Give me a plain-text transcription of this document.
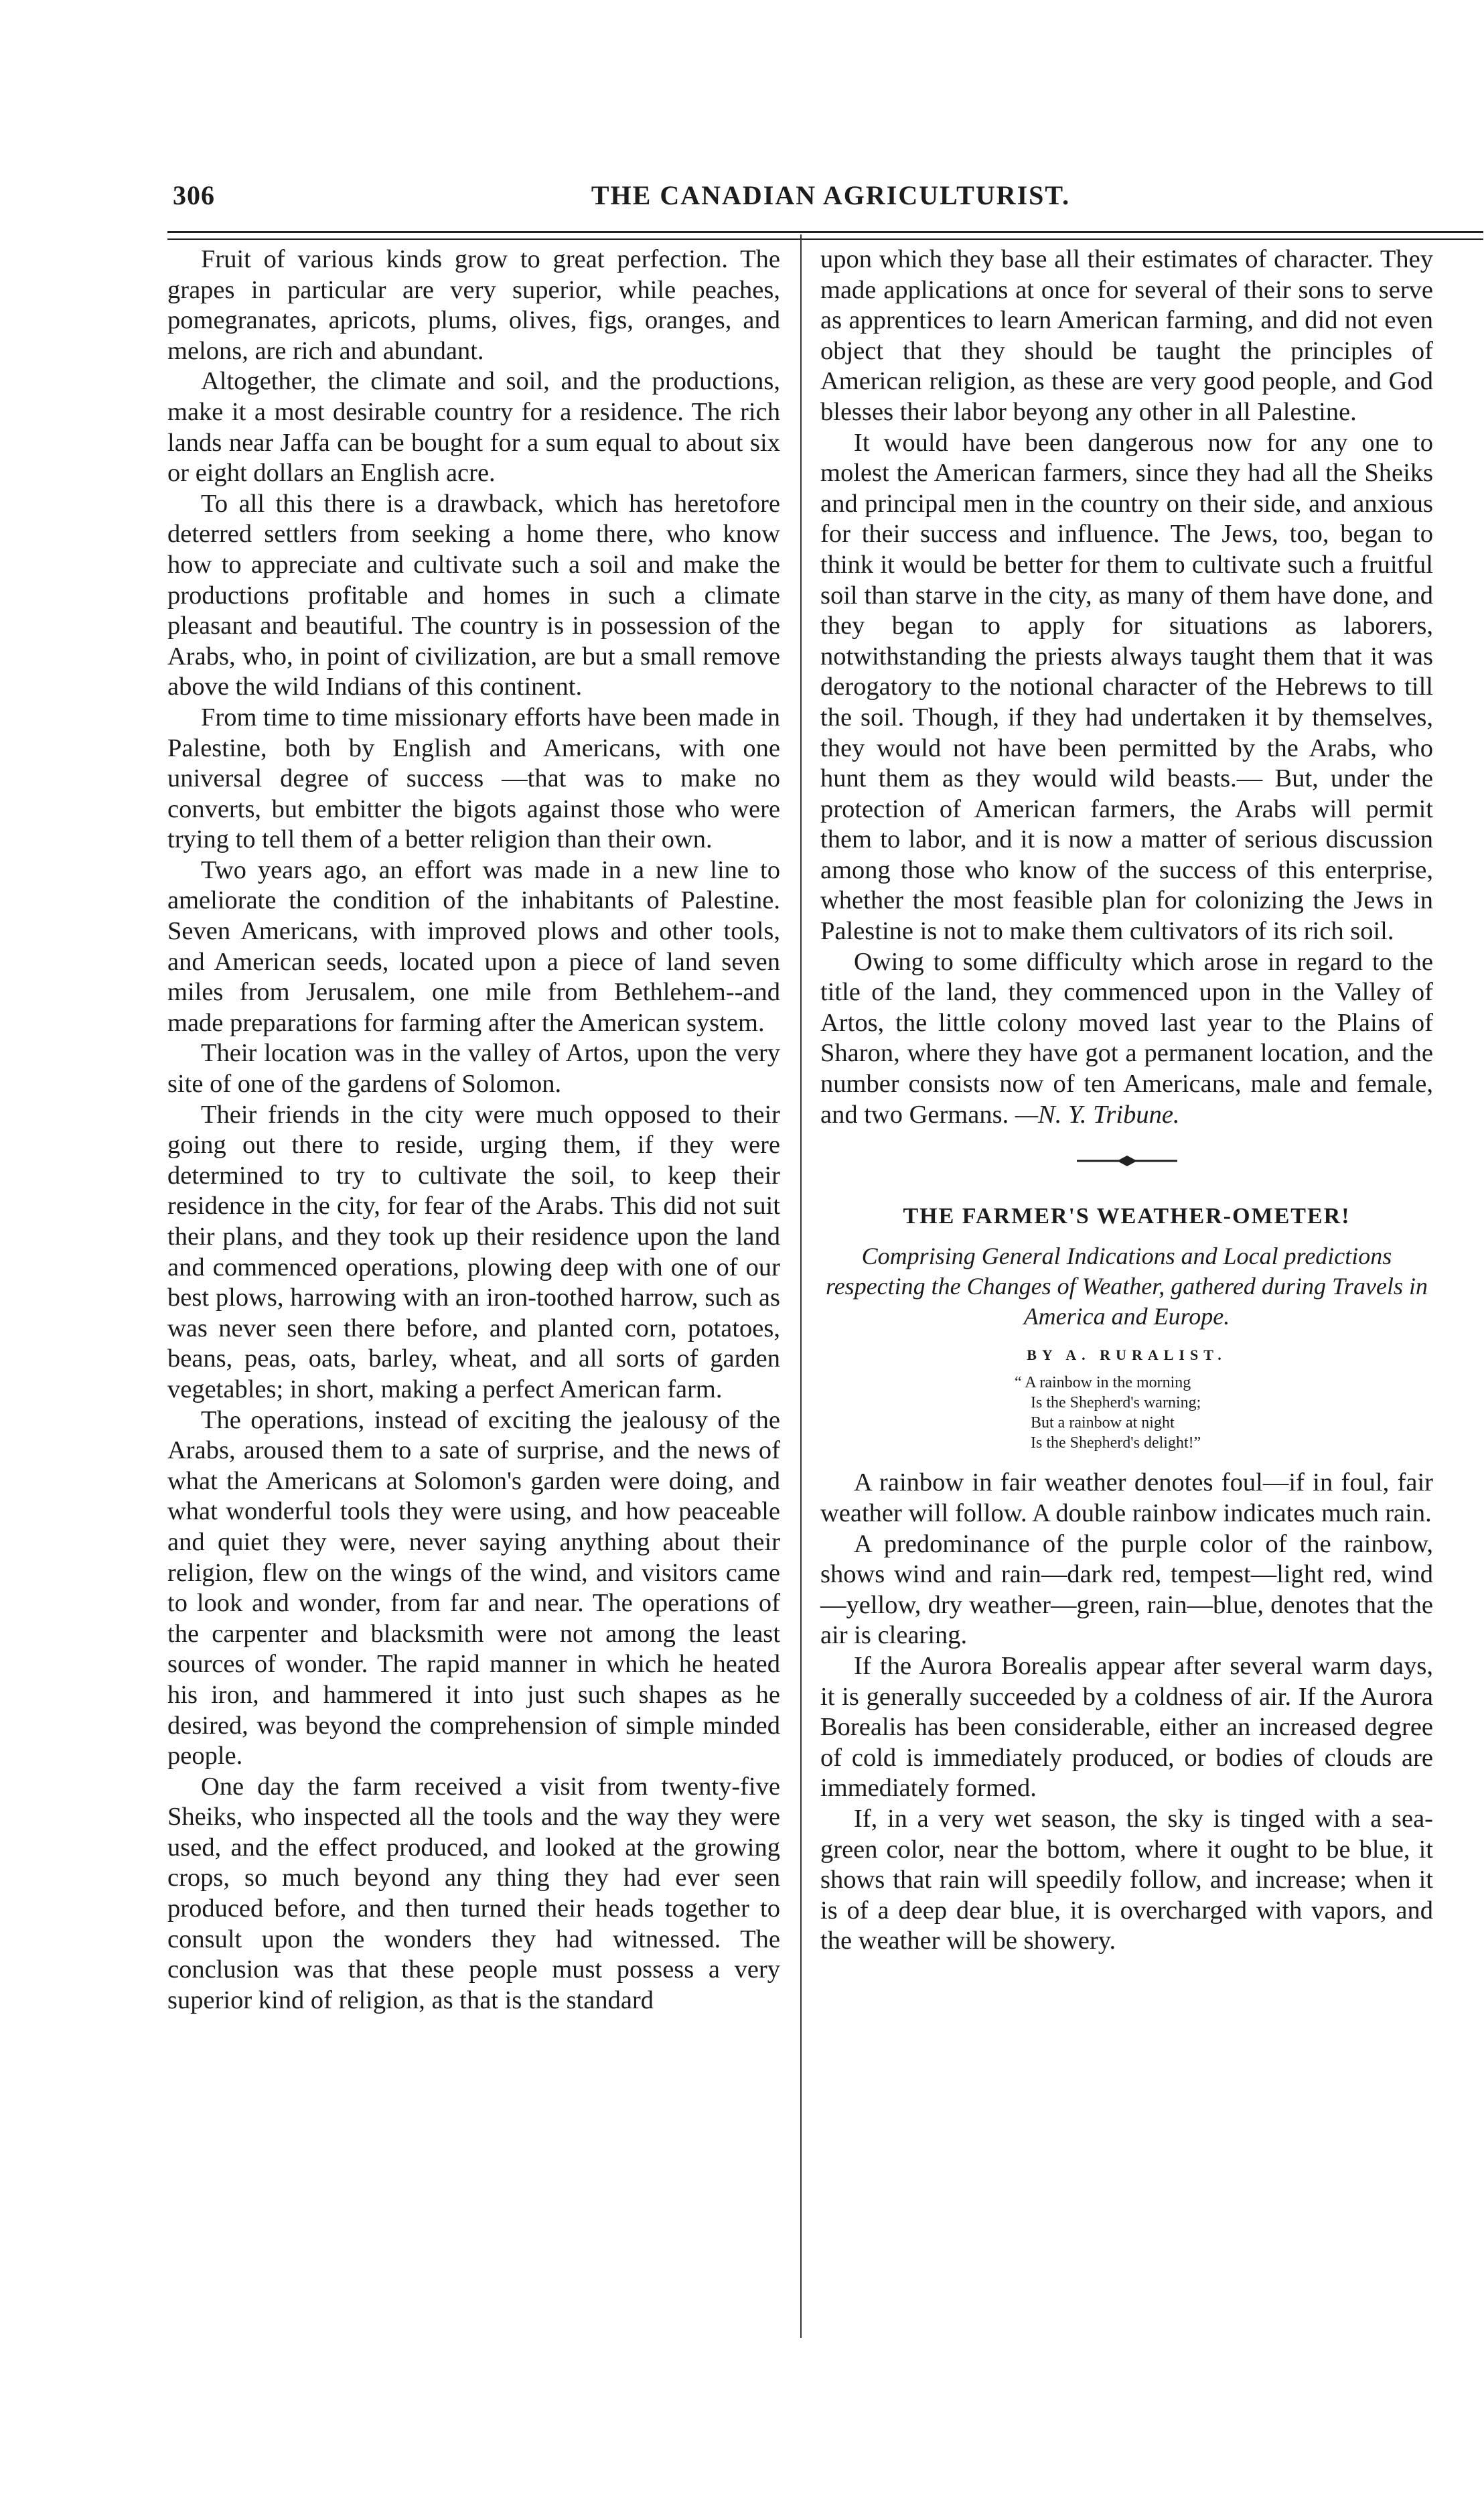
306	THE CANADIAN AGRICULTURIST.

Fruit of various kinds grow to great perfection. The grapes in particular are very superior, while peaches, pomegranates, apricots, plums, olives, figs, oranges, and melons, are rich and abundant.

Altogether, the climate and soil, and the productions, make it a most desirable country for a residence. The rich lands near Jaffa can be bought for a sum equal to about six or eight dollars an English acre.

To all this there is a drawback, which has heretofore deterred settlers from seeking a home there, who know how to appreciate and cultivate such a soil and make the productions profitable and homes in such a climate pleasant and beautiful. The country is in possession of the Arabs, who, in point of civilization, are but a small remove above the wild Indians of this continent.

From time to time missionary efforts have been made in Palestine, both by English and Americans, with one universal degree of success —that was to make no converts, but embitter the bigots against those who were trying to tell them of a better religion than their own.

Two years ago, an effort was made in a new line to ameliorate the condition of the inhabitants of Palestine. Seven Americans, with improved plows and other tools, and American seeds, located upon a piece of land seven miles from Jerusalem, one mile from Bethlehem--and made preparations for farming after the American system.

Their location was in the valley of Artos, upon the very site of one of the gardens of Solomon.

Their friends in the city were much opposed to their going out there to reside, urging them, if they were determined to try to cultivate the soil, to keep their residence in the city, for fear of the Arabs. This did not suit their plans, and they took up their residence upon the land and commenced operations, plowing deep with one of our best plows, harrowing with an iron-toothed harrow, such as was never seen there before, and planted corn, potatoes, beans, peas, oats, barley, wheat, and all sorts of garden vegetables; in short, making a perfect American farm.

The operations, instead of exciting the jealousy of the Arabs, aroused them to a sate of surprise, and the news of what the Americans at Solomon's garden were doing, and what wonderful tools they were using, and how peaceable and quiet they were, never saying anything about their religion, flew on the wings of the wind, and visitors came to look and wonder, from far and near. The operations of the carpenter and blacksmith were not among the least sources of wonder. The rapid manner in which he heated his iron, and hammered it into just such shapes as he desired, was beyond the comprehension of simple minded people.

One day the farm received a visit from twenty-five Sheiks, who inspected all the tools and the way they were used, and the effect produced, and looked at the growing crops, so much beyond any thing they had ever seen produced before, and then turned their heads together to consult upon the wonders they had witnessed. The conclusion was that these people must possess a very superior kind of religion, as that is the standard

upon which they base all their estimates of character. They made applications at once for several of their sons to serve as apprentices to learn American farming, and did not even object that they should be taught the principles of American religion, as these are very good people, and God blesses their labor beyong any other in all Palestine.

It would have been dangerous now for any one to molest the American farmers, since they had all the Sheiks and principal men in the country on their side, and anxious for their success and influence. The Jews, too, began to think it would be better for them to cultivate such a fruitful soil than starve in the city, as many of them have done, and they began to apply for situations as laborers, notwithstanding the priests always taught them that it was derogatory to the notional character of the Hebrews to till the soil. Though, if they had undertaken it by themselves, they would not have been permitted by the Arabs, who hunt them as they would wild beasts.— But, under the protection of American farmers, the Arabs will permit them to labor, and it is now a matter of serious discussion among those who know of the success of this enterprise, whether the most feasible plan for colonizing the Jews in Palestine is not to make them cultivators of its rich soil.

Owing to some difficulty which arose in regard to the title of the land, they commenced upon in the Valley of Artos, the little colony moved last year to the Plains of Sharon, where they have got a permanent location, and the number consists now of ten Americans, male and female, and two Germans. —N. Y. Tribune.

THE FARMER'S WEATHER-OMETER!
Comprising General Indications and Local predictions respecting the Changes of Weather, gathered during Travels in America and Europe.
BY A. RURALIST.
“ A rainbow in the morning
Is the Shepherd's warning;
But a rainbow at night
Is the Shepherd's delight!”

A rainbow in fair weather denotes foul—if in foul, fair weather will follow. A double rainbow indicates much rain.

A predominance of the purple color of the rainbow, shows wind and rain—dark red, tempest—light red, wind—yellow, dry weather—green, rain—blue, denotes that the air is clearing.

If the Aurora Borealis appear after several warm days, it is generally succeeded by a coldness of air. If the Aurora Borealis has been considerable, either an increased degree of cold is immediately produced, or bodies of clouds are immediately formed.

If, in a very wet season, the sky is tinged with a sea-green color, near the bottom, where it ought to be blue, it shows that rain will speedily follow, and increase; when it is of a deep dear blue, it is overcharged with vapors, and the weather will be showery.
